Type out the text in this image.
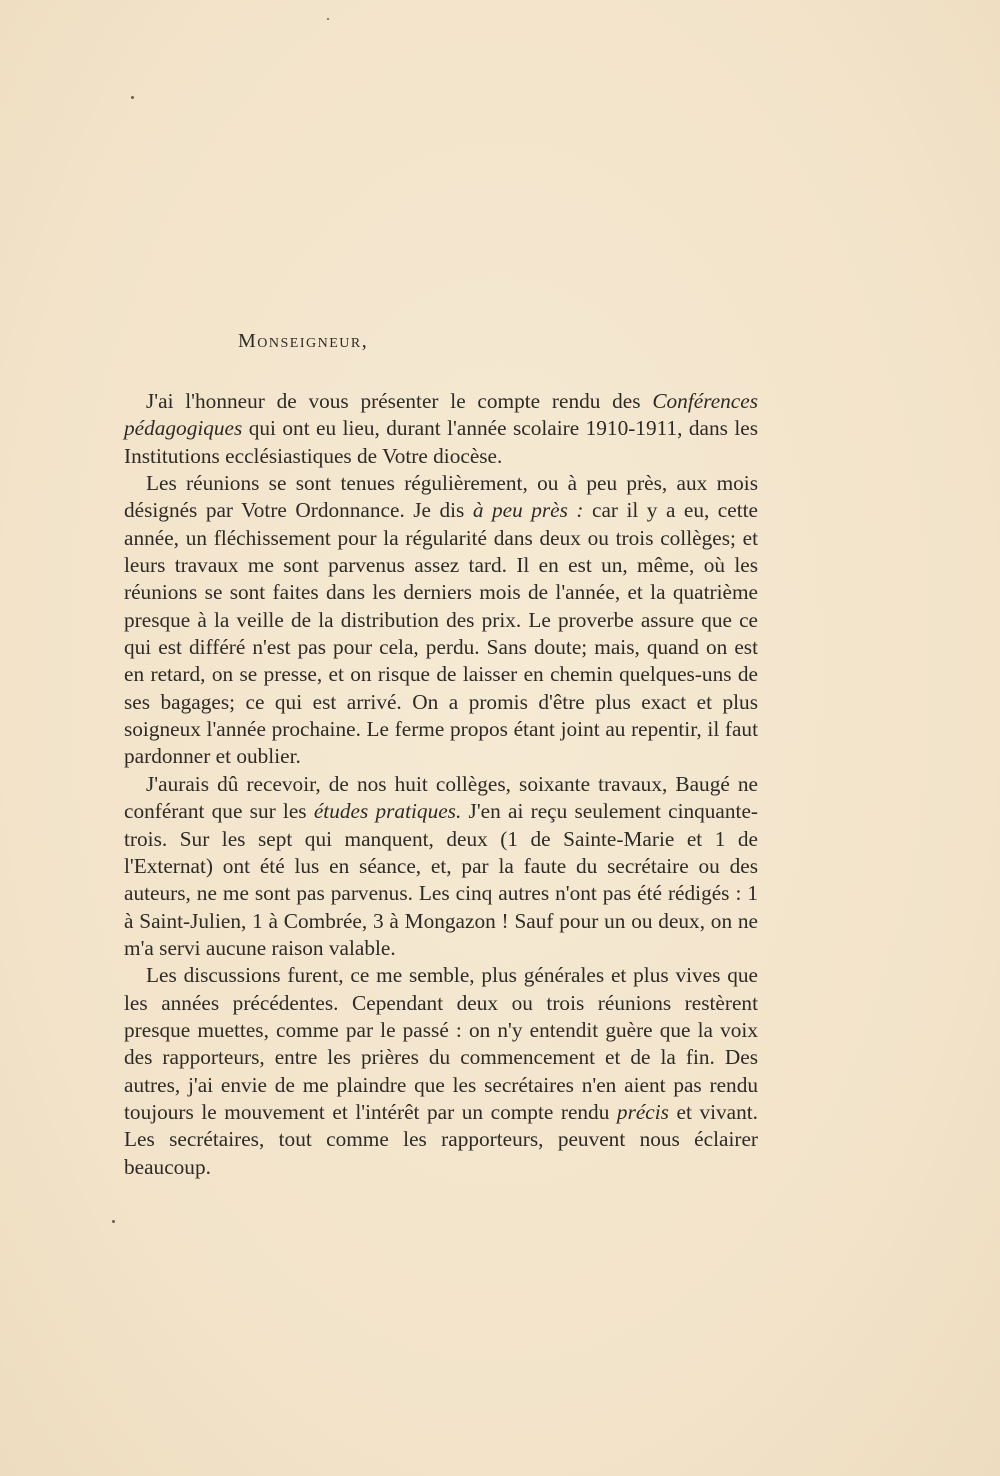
Monseigneur,

J'ai l'honneur de vous présenter le compte rendu des Conférences pédagogiques qui ont eu lieu, durant l'année scolaire 1910-1911, dans les Institutions ecclésiastiques de Votre diocèse.

Les réunions se sont tenues régulièrement, ou à peu près, aux mois désignés par Votre Ordonnance. Je dis à peu près : car il y a eu, cette année, un fléchissement pour la régularité dans deux ou trois collèges; et leurs travaux me sont parvenus assez tard. Il en est un, même, où les réunions se sont faites dans les derniers mois de l'année, et la quatrième presque à la veille de la distribution des prix. Le proverbe assure que ce qui est différé n'est pas pour cela, perdu. Sans doute; mais, quand on est en retard, on se presse, et on risque de laisser en chemin quelques-uns de ses bagages; ce qui est arrivé. On a promis d'être plus exact et plus soigneux l'année prochaine. Le ferme propos étant joint au repentir, il faut pardonner et oublier.

J'aurais dû recevoir, de nos huit collèges, soixante travaux, Baugé ne conférant que sur les études pratiques. J'en ai reçu seulement cinquante-trois. Sur les sept qui manquent, deux (1 de Sainte-Marie et 1 de l'Externat) ont été lus en séance, et, par la faute du secrétaire ou des auteurs, ne me sont pas parvenus. Les cinq autres n'ont pas été rédigés : 1 à Saint-Julien, 1 à Combrée, 3 à Mongazon ! Sauf pour un ou deux, on ne m'a servi aucune raison valable.

Les discussions furent, ce me semble, plus générales et plus vives que les années précédentes. Cependant deux ou trois réunions restèrent presque muettes, comme par le passé : on n'y entendit guère que la voix des rapporteurs, entre les prières du commencement et de la fin. Des autres, j'ai envie de me plaindre que les secrétaires n'en aient pas rendu toujours le mouvement et l'intérêt par un compte rendu précis et vivant. Les secrétaires, tout comme les rapporteurs, peuvent nous éclairer beaucoup.
